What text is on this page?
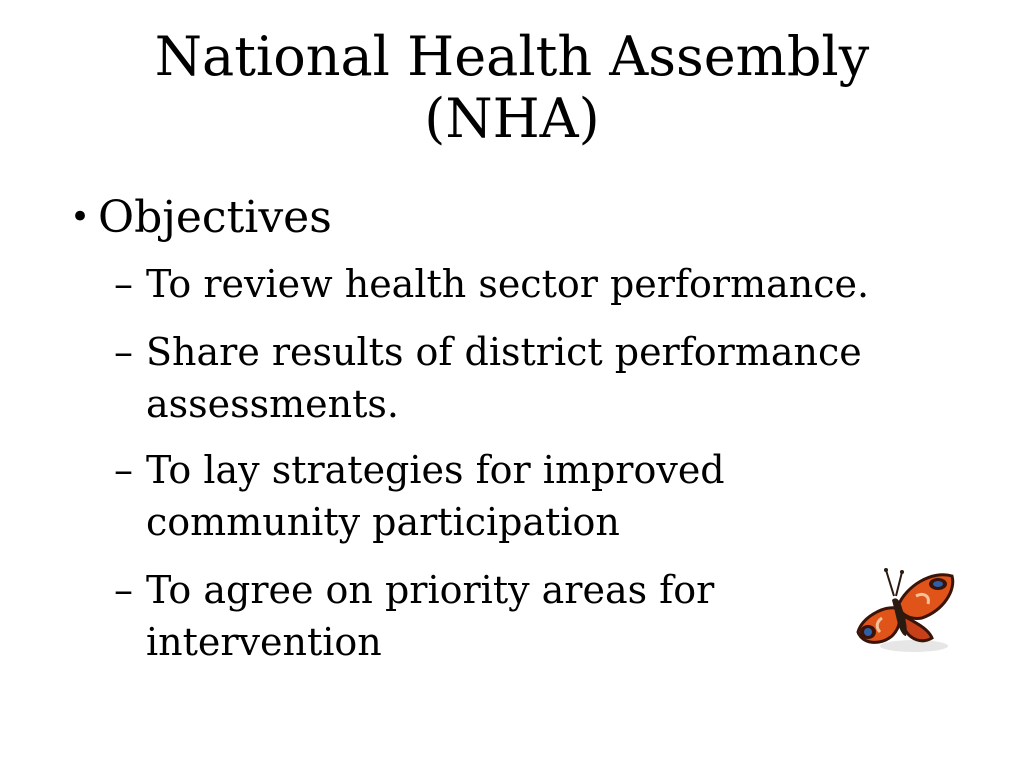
National Health Assembly
(NHA)
• Objectives
– To review health sector performance.
– Share results of district performance assessments.
– To lay strategies for improved community participation
– To agree on priority areas for intervention
